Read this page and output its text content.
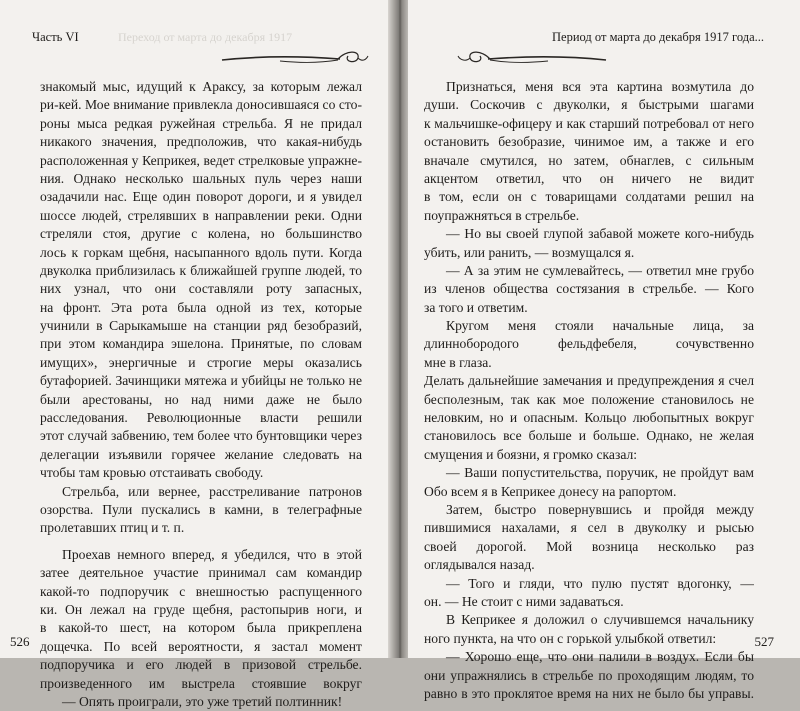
Часть VI	Переход от марта до декабря 1917
знакомый мыс, идущий к Араксу, за которым лежал
ри-кей. Мое внимание привлекла доносившаяся со сто-
роны мыса редкая ружейная стрельба. Я не придал
никакого значения, предположив, что какая-нибудь
расположенная у Кеприкея, ведет стрелковые упражне-
ния. Однако несколько шальных пуль через наши
озадачили нас. Еще один поворот дороги, и я увидел
шоссе людей, стрелявших в направлении реки. Одни
стреляли стоя, другие с колена, но большинство
лось к горкам щебня, насыпанного вдоль пути. Когда
двуколка приблизилась к ближайшей группе людей, то
них узнал, что они составляли роту запасных,
на фронт. Эта рота была одной из тех, которые
учинили в Сарыкамыше на станции ряд безобразий,
при этом командира эшелона. Принятые, по словам
имущих», энергичные и строгие меры оказались
бутафорией. Зачинщики мятежа и убийцы не только не
были арестованы, но над ними даже не было
расследования. Революционные власти решили
этот случай забвению, тем более что бунтовщики через
делегации изъявили горячее желание следовать на
чтобы там кровью отстаивать свободу.
Стрельба, или вернее, расстреливание патронов
озорства. Пули пускались в камни, в телеграфные
пролетавших птиц и т. п.
Проехав немного вперед, я убедился, что в этой
затее деятельное участие принимал сам командир
какой-то подпоручик с внешностью распущенного
ки. Он лежал на груде щебня, растопырив ноги, и
в какой-то шест, на котором была прикреплена
дощечка. По всей вероятности, я застал момент
подпоручика и его людей в призовой стрельбе.
произведенного им выстрела стоявшие вокруг
— Опять проиграли, это уже третий полтинник!
526
Период от марта до декабря 1917 года...
Признаться, меня вся эта картина возмутила до
души. Соскочив с двуколки, я быстрыми шагами
к мальчишке-офицеру и как старший потребовал от него
остановить безобразие, чинимое им, а также и его
вначале смутился, но затем, обнаглев, с сильным
акцентом ответил, что он ничего не видит
в том, если он с товарищами солдатами решил на
поупражняться в стрельбе.
— Но вы своей глупой забавой можете кого-нибудь
убить, или ранить, — возмущался я.
— А за этим не сумлевайтесь, — ответил мне грубо
из членов общества состязания в стрельбе. — Кого
за того и ответим.
Кругом меня стояли начальные лица, за
длиннобородого фельдфебеля, сочувственно
мне в глаза.
Делать дальнейшие замечания и предупреждения я счел
бесполезным, так как мое положение становилось не
неловким, но и опасным. Кольцо любопытных вокруг
становилось все больше и больше. Однако, не желая
смущения и боязни, я громко сказал:
— Ваши попустительства, поручик, не пройдут вам
Обо всем я в Кеприкее донесу на рапортом.
Затем, быстро повернувшись и пройдя между
пившимися нахалами, я сел в двуколку и рысью
своей дорогой. Мой возница несколько раз
оглядывался назад.
— Того и гляди, что пулю пустят вдогонку, —
он. — Не стоит с ними задаваться.
В Кеприкее я доложил о случившемся начальнику
ного пункта, на что он с горькой улыбкой ответил:
— Хорошо еще, что они палили в воздух. Если бы
они упражнялись в стрельбе по проходящим людям, то
равно в это проклятое время на них не было бы управы.
527
